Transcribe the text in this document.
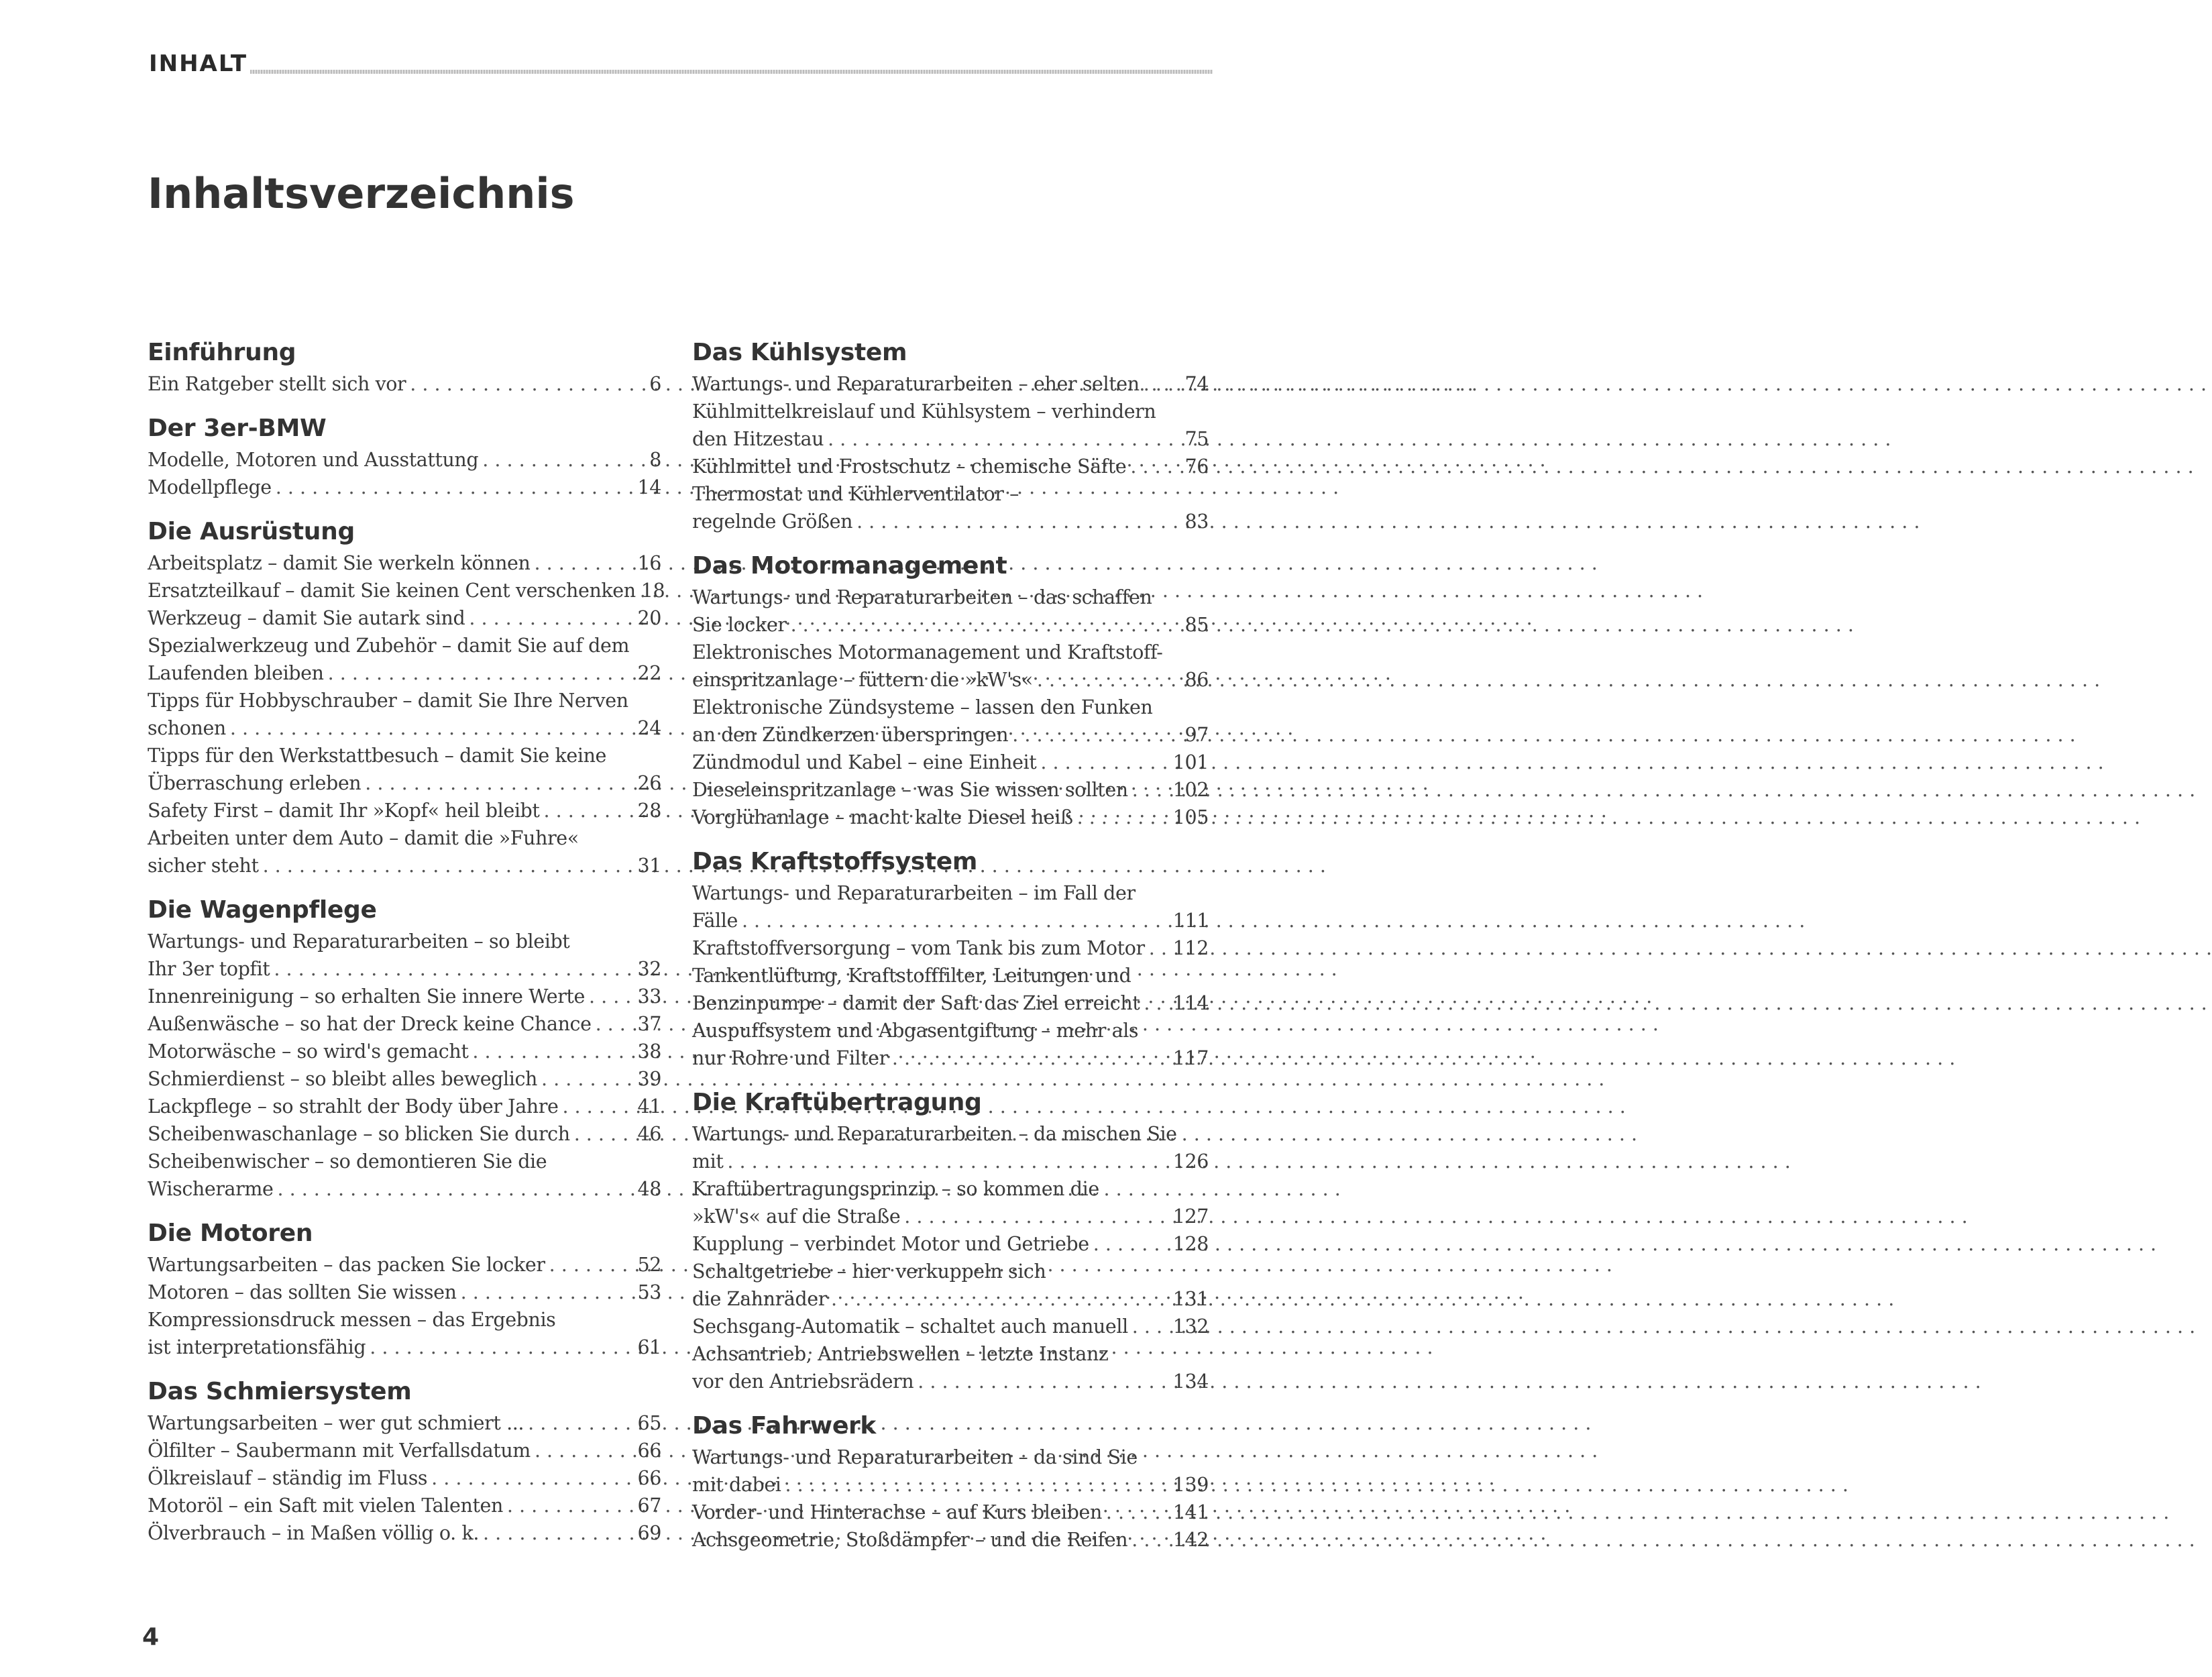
INHALT
Inhaltsverzeichnis
Einführung

Ein Ratgeber stellt sich vor . . .	6

Der 3er-BMW

Modelle, Motoren und Ausstattung . . .	8

Modellpflege . . .	14

Die Ausrüstung

Arbeitsplatz – damit Sie werkeln können . . .	16

Ersatzteilkauf – damit Sie keinen Cent verschenken . . . 18

Werkzeug – damit Sie autark sind . . .	20

Spezialwerkzeug und Zubehör – damit Sie auf dem
Laufenden bleiben . . .	22

Tipps für Hobbyschrauber – damit Sie Ihre Nerven
schonen . . .	24

Tipps für den Werkstattbesuch – damit Sie keine
Überraschung erleben . . .	26

Safety First – damit Ihr »Kopf« heil bleibt . . .	28

Arbeiten unter dem Auto – damit die »Fuhre«
sicher steht . . .	31

Die Wagenpflege

Wartungs- und Reparaturarbeiten – so bleibt
Ihr 3er topfit . . .	32

Innenreinigung – so erhalten Sie innere Werte . . .	33

Außenwäsche – so hat der Dreck keine Chance . . . 37

Motorwäsche – so wird's gemacht . . .	38

Schmierdienst – so bleibt alles beweglich . . .	39

Lackpflege – so strahlt der Body über Jahre . . .	41

Scheibenwaschanlage – so blicken Sie durch . . .	46

Scheibenwischer – so demontieren Sie die
Wischerarme . . .	48

Die Motoren

Wartungsarbeiten – das packen Sie locker . . .	52

Motoren – das sollten Sie wissen . . .	53

Kompressionsdruck messen – das Ergebnis
ist interpretationsfähig . . .	61

Das Schmiersystem

Wartungsarbeiten – wer gut schmiert ... . . .	65

Ölfilter – Saubermann mit Verfallsdatum . . .	66

Ölkreislauf – ständig im Fluss . . .	66

Motoröl – ein Saft mit vielen Talenten . . .	67

Ölverbrauch – in Maßen völlig o. k. . . .	69

Das Kühlsystem

Wartungs- und Reparaturarbeiten – eher selten . . . 74

Kühlmittelkreislauf und Kühlsystem – verhindern
den Hitzestau . . .	75

Kühlmittel und Frostschutz – chemische Säfte . . .	76

Thermostat und Kühlerventilator –
regelnde Größen . . .	83

Das Motormanagement

Wartungs- und Reparaturarbeiten – das schaffen
Sie locker . . .	85

Elektronisches Motormanagement und Kraftstoff-
einspritzanlage – füttern die »kW's« . . .	86

Elektronische Zündsysteme – lassen den Funken
an den Zündkerzen überspringen . . .	97

Zündmodul und Kabel – eine Einheit . . .	101

Dieseleinspritzanlage – was Sie wissen sollten . . . 102

Vorglühanlage – macht kalte Diesel heiß . . .	105

Das Kraftstoffsystem

Wartungs- und Reparaturarbeiten – im Fall der
Fälle . . .	111

Kraftstoffversorgung – vom Tank bis zum Motor . . . 112

Tankentlüftung, Kraftstofffilter, Leitungen und
Benzinpumpe – damit der Saft das Ziel erreicht . . . 114

Auspuffsystem und Abgasentgiftung – mehr als
nur Rohre und Filter . . .	117

Die Kraftübertragung

Wartungs- und Reparaturarbeiten – da mischen Sie
mit . . .	126

Kraftübertragungsprinzip – so kommen die
»kW's« auf die Straße . . .	127

Kupplung – verbindet Motor und Getriebe . . .	128

Schaltgetriebe – hier verkuppeln sich
die Zahnräder . . .	131

Sechsgang-Automatik – schaltet auch manuell . . . 132

Achsantrieb, Antriebswellen – letzte Instanz
vor den Antriebsrädern . . .	134

Das Fahrwerk

Wartungs- und Reparaturarbeiten – da sind Sie
mit dabei . . .	139

Vorder- und Hinterachse – auf Kurs bleiben . . .	141

Achsgeometrie, Stoßdämpfer – und die Reifen . . . 142

4
